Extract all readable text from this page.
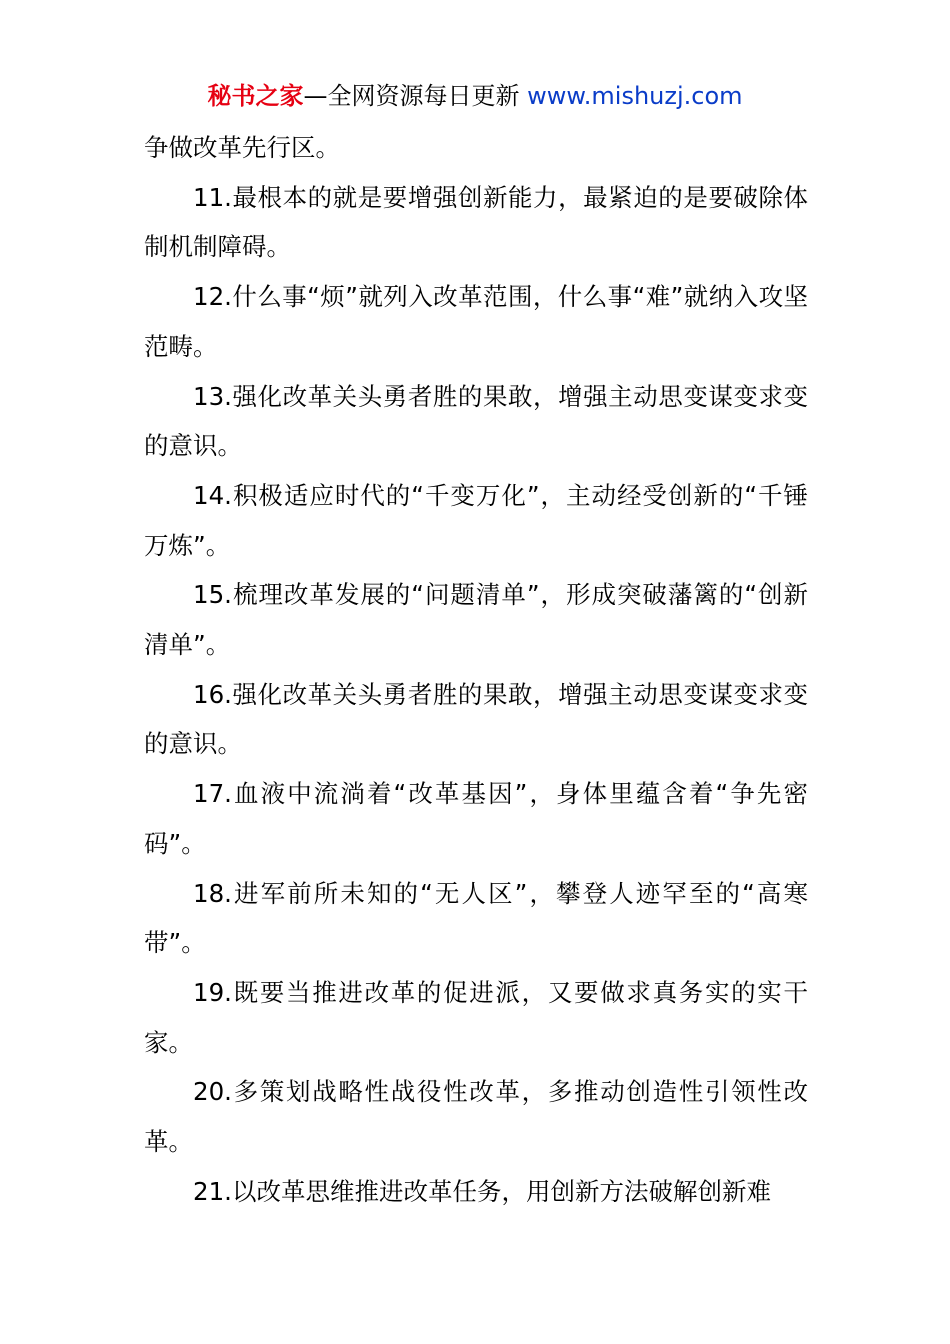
秘书之家—全网资源每日更新 www.mishuzj.com

争做改革先行区。

11.最根本的就是要增强创新能力，最紧迫的是要破除体制机制障碍。

12.什么事“烦”就列入改革范围，什么事“难”就纳入攻坚范畴。

13.强化改革关头勇者胜的果敢，增强主动思变谋变求变的意识。

14.积极适应时代的“千变万化”，主动经受创新的“千锤万炼”。

15.梳理改革发展的“问题清单”，形成突破藩篱的“创新清单”。

16.强化改革关头勇者胜的果敢，增强主动思变谋变求变的意识。

17.血液中流淌着“改革基因”，身体里蕴含着“争先密码”。

18.进军前所未知的“无人区”，攀登人迹罕至的“高寒带”。

19.既要当推进改革的促进派，又要做求真务实的实干家。

20.多策划战略性战役性改革，多推动创造性引领性改革。

21.以改革思维推进改革任务，用创新方法破解创新难
